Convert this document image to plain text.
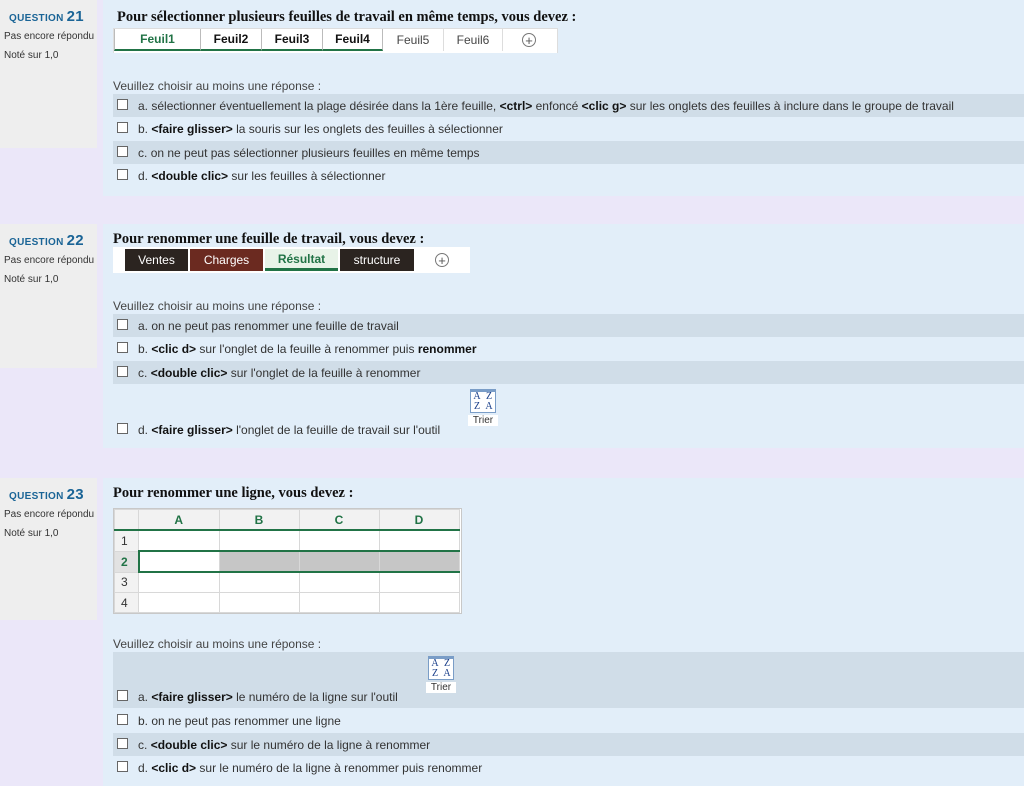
QUESTION 21
Pas encore répondu
Noté sur 1,0
Pour sélectionner plusieurs feuilles de travail en même temps, vous devez :
Feuil1	Feuil2	Feuil3	Feuil4	Feuil5	Feuil6	+
Veuillez choisir au moins une réponse :
a. sélectionner éventuellement la plage désirée dans la 1ère feuille, <ctrl> enfoncé <clic g> sur les onglets des feuilles à inclure dans le groupe de travail
b. <faire glisser> la souris sur les onglets des feuilles à sélectionner
c. on ne peut pas sélectionner plusieurs feuilles en même temps
d. <double clic> sur les feuilles à sélectionner
QUESTION 22
Pas encore répondu
Noté sur 1,0
Pour renommer une feuille de travail, vous devez :
Ventes	Charges	Résultat	structure	+
Veuillez choisir au moins une réponse :
a. on ne peut pas renommer une feuille de travail
b. <clic d> sur l'onglet de la feuille à renommer puis renommer
c. <double clic> sur l'onglet de la feuille à renommer
d. <faire glisser> l'onglet de la feuille de travail sur l'outil
A Z
Z A
Trier
QUESTION 23
Pas encore répondu
Noté sur 1,0
Pour renommer une ligne, vous devez :
	A	B	C	D
1				
2				
3				
4				
Veuillez choisir au moins une réponse :
a. <faire glisser> le numéro de la ligne sur l'outil
A Z
Z A
Trier
b. on ne peut pas renommer une ligne
c. <double clic> sur le numéro de la ligne à renommer
d. <clic d> sur le numéro de la ligne à renommer puis renommer
